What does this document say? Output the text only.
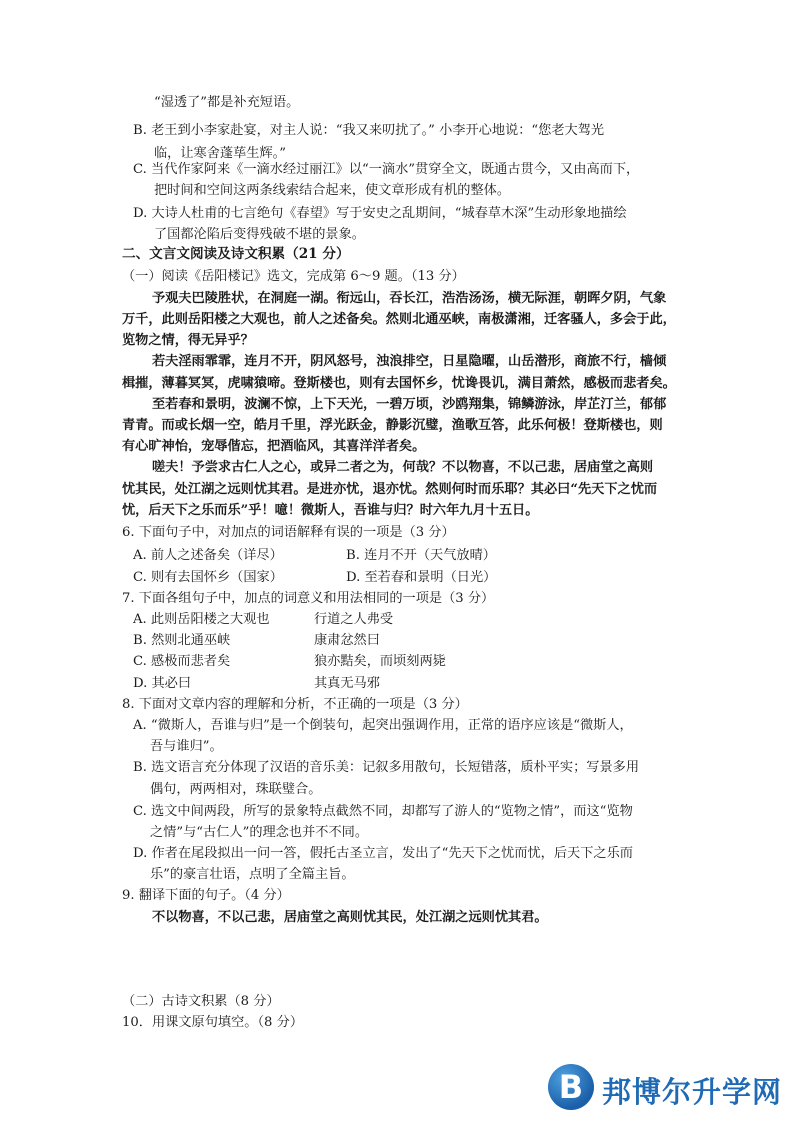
“湿透了”都是补充短语。
B. 老王到小李家赴宴，对主人说：“我又来叨扰了。” 小李开心地说：“您老大驾光
临，让寒舍蓬荜生辉。”
C. 当代作家阿来《一滴水经过丽江》以“一滴水”贯穿全文，既通古贯今，又由高而下，
把时间和空间这两条线索结合起来，使文章形成有机的整体。
D. 大诗人杜甫的七言绝句《春望》写于安史之乱期间，“城春草木深”生动形象地描绘
了国都沦陷后变得残破不堪的景象。
二、文言文阅读及诗文积累（21 分）
（一）阅读《岳阳楼记》选文，完成第 6～9 题。（13 分）
予观夫巴陵胜状，在洞庭一湖。衔远山，吞长江，浩浩汤汤，横无际涯，朝晖夕阴，气象
万千，此则岳阳楼之大观也，前人之述备矣。然则北通巫峡，南极潇湘，迁客骚人，多会于此，
览物之情，得无异乎？
若夫淫雨霏霏，连月不开，阴风怒号，浊浪排空，日星隐曜，山岳潜形，商旅不行，樯倾
楫摧，薄暮冥冥，虎啸猿啼。登斯楼也，则有去国怀乡，忧谗畏讥，满目萧然，感极而悲者矣。
至若春和景明，波澜不惊，上下天光，一碧万顷，沙鸥翔集，锦鳞游泳，岸芷汀兰，郁郁
青青。而或长烟一空，皓月千里，浮光跃金，静影沉璧，渔歌互答，此乐何极！登斯楼也，则
有心旷神怡，宠辱偕忘，把酒临风，其喜洋洋者矣。
嗟夫！予尝求古仁人之心，或异二者之为，何哉？不以物喜，不以己悲，居庙堂之高则
忧其民，处江湖之远则忧其君。是进亦忧，退亦忧。然则何时而乐耶？其必曰“先天下之忧而
忧，后天下之乐而乐”乎！噫！微斯人，吾谁与归？时六年九月十五日。
6. 下面句子中，对加点的词语解释有误的一项是（3 分）
A. 前人之述备矣（详尽）	B. 连月不开（天气放晴）
C. 则有去国怀乡（国家）	D. 至若春和景明（日光）
7. 下面各组句子中，加点的词意义和用法相同的一项是（3 分）
A. 此则岳阳楼之大观也	行道之人弗受
B. 然则北通巫峡	康肃忿然曰
C. 感极而悲者矣	狼亦黠矣，而顷刻两毙
D. 其必曰	其真无马邪
8. 下面对文章内容的理解和分析，不正确的一项是（3 分）
A. “微斯人，吾谁与归”是一个倒装句，起突出强调作用，正常的语序应该是“微斯人，
吾与谁归”。
B. 选文语言充分体现了汉语的音乐美：记叙多用散句，长短错落，质朴平实；写景多用
偶句，两两相对，珠联璧合。
C. 选文中间两段，所写的景象特点截然不同，却都写了游人的“览物之情”，而这“览物
之情”与“古仁人”的理念也并不不同。
D. 作者在尾段拟出一问一答，假托古圣立言，发出了“先天下之忧而忧，后天下之乐而
乐”的豪言壮语，点明了全篇主旨。
9. 翻译下面的句子。（4 分）
不以物喜，不以己悲，居庙堂之高则忧其民，处江湖之远则忧其君。
（二）古诗文积累（8 分）
10．用课文原句填空。（8 分）
B 邦博尔升学网
